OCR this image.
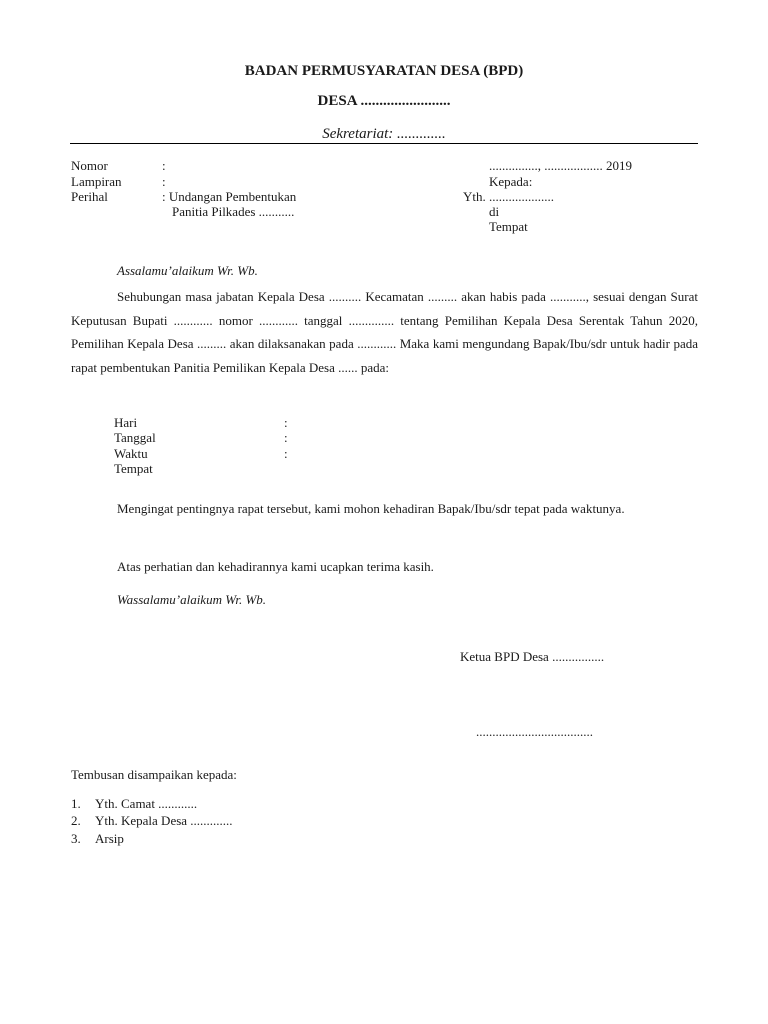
BADAN PERMUSYARATAN DESA (BPD)
DESA ........................
Sekretariat: .............
Nomor	:
Lampiran	:
Perihal	: Undangan Pembentukan
Panitia Pilkades ...........
..............., .................. 2019
Kepada:
Yth. ....................
di
Tempat
Assalamu’alaikum Wr. Wb.

Sehubungan masa jabatan Kepala Desa .......... Kecamatan ......... akan habis pada ..........., sesuai dengan Surat Keputusan Bupati ............ nomor ............ tanggal .............. tentang Pemilihan Kepala Desa Serentak Tahun 2020, Pemilihan Kepala Desa ......... akan dilaksanakan pada ............ Maka kami mengundang Bapak/Ibu/sdr untuk hadir pada rapat pembentukan Panitia Pemilikan Kepala Desa ...... pada:

Hari	:
Tanggal	:
Waktu	:
Tempat

Mengingat pentingnya rapat tersebut, kami mohon kehadiran Bapak/Ibu/sdr tepat pada waktunya.

Atas perhatian dan kehadirannya kami ucapkan terima kasih.

Wassalamu’alaikum Wr. Wb.
Ketua BPD Desa ................
....................................
Tembusan disampaikan kepada:
1. Yth. Camat ............
2. Yth. Kepala Desa .............
3. Arsip
